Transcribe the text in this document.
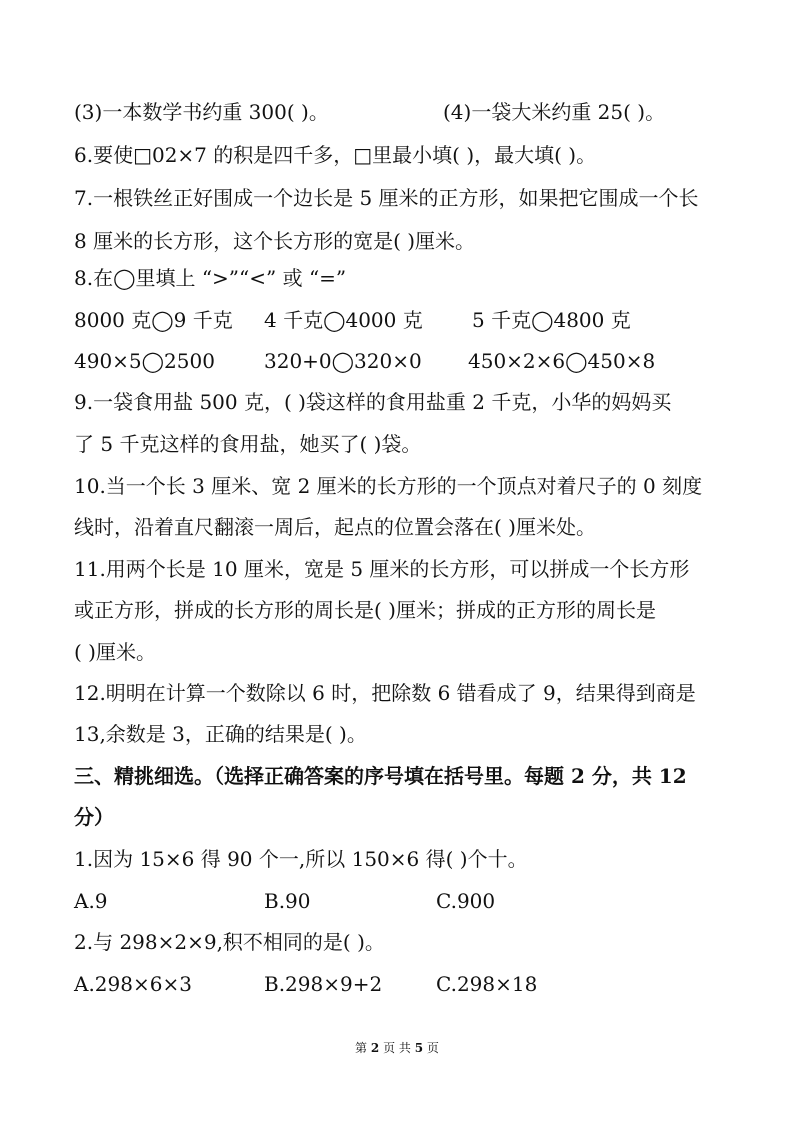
(3)一本数学书约重 300( )。	(4)一袋大米约重 25( )。
6.要使□02×7 的积是四千多，□里最小填( )，最大填( )。
7.一根铁丝正好围成一个边长是 5 厘米的正方形，如果把它围成一个长
8 厘米的长方形，这个长方形的宽是( )厘米。
8.在◯里填上 “>”“<” 或 “=”
8000 克◯9 千克 4 千克◯4000 克 5 千克◯4800 克
490×5◯2500 320+0◯320×0 450×2×6◯450×8
9.一袋食用盐 500 克，( )袋这样的食用盐重 2 千克，小华的妈妈买
了 5 千克这样的食用盐，她买了( )袋。
10.当一个长 3 厘米、宽 2 厘米的长方形的一个顶点对着尺子的 0 刻度
线时，沿着直尺翻滚一周后，起点的位置会落在( )厘米处。
11.用两个长是 10 厘米，宽是 5 厘米的长方形，可以拼成一个长方形
或正方形，拼成的长方形的周长是( )厘米；拼成的正方形的周长是
( )厘米。
12.明明在计算一个数除以 6 时，把除数 6 错看成了 9，结果得到商是
13,余数是 3，正确的结果是( )。
三、精挑细选。（选择正确答案的序号填在括号里。每题 2 分，共 12
分）
1.因为 15×6 得 90 个一,所以 150×6 得( )个十。
A.9	B.90	C.900
2.与 298×2×9,积不相同的是( )。
A.298×6×3	B.298×9+2	C.298×18
第 2 页 共 5 页
